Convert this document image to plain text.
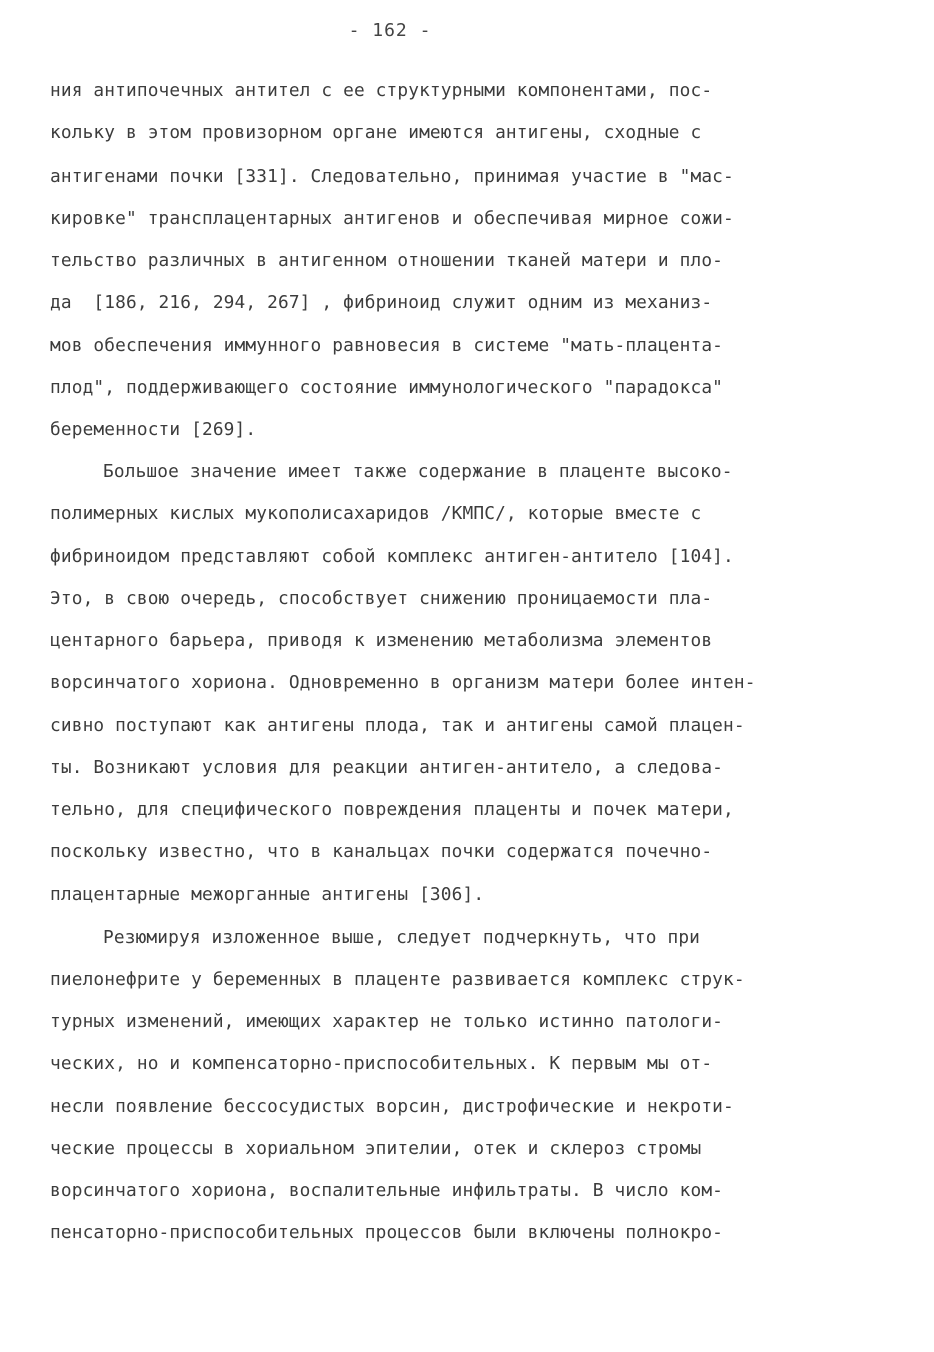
- 162 -
ния антипочечных антител с ее структурными компонентами, пос-
кольку в этом провизорном органе имеются антигены, сходные с
антигенами почки [331]. Следовательно, принимая участие в "мас-
кировке" трансплацентарных антигенов и обеспечивая мирное сожи-
тельство различных в антигенном отношении тканей матери и пло-
да  [186, 216, 294, 267] , фибриноид служит одним из механиз-
мов обеспечения иммунного равновесия в системе "мать-плацента-
плод", поддерживающего состояние иммунологического "парадокса"
беременности [269].
Большое значение имеет также содержание в плаценте высоко-
полимерных кислых мукополисахаридов /КМПС/, которые вместе с
фибриноидом представляют собой комплекс антиген-антитело [104].
Это, в свою очередь, способствует снижению проницаемости пла-
центарного барьера, приводя к изменению метаболизма элементов
ворсинчатого хориона. Одновременно в организм матери более интен-
сивно поступают как антигены плода, так и антигены самой плацен-
ты. Возникают условия для реакции антиген-антитело, а следова-
тельно, для специфического повреждения плаценты и почек матери,
поскольку известно, что в канальцах почки содержатся почечно-
плацентарные межорганные антигены [306].
Резюмируя изложенное выше, следует подчеркнуть, что при
пиелонефрите у беременных в плаценте развивается комплекс струк-
турных изменений, имеющих характер не только истинно патологи-
ческих, но и компенсаторно-приспособительных. К первым мы от-
несли появление бессосудистых ворсин, дистрофические и некроти-
ческие процессы в хориальном эпителии, отек и склероз стромы
ворсинчатого хориона, воспалительные инфильтраты. В число ком-
пенсаторно-приспособительных процессов были включены полнокро-
